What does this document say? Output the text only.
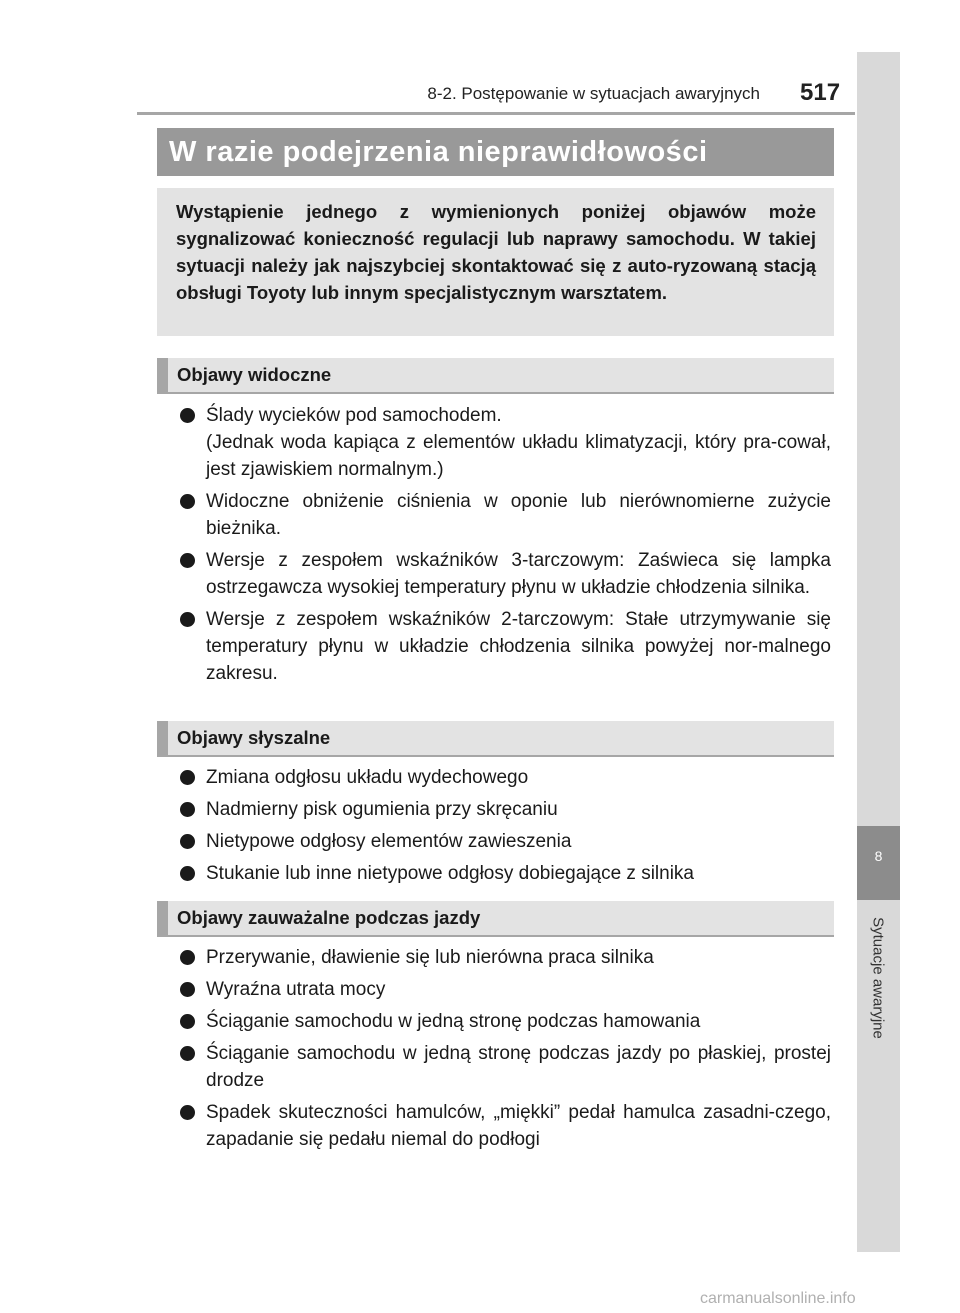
8
Sytuacje awaryjne
8-2. Postępowanie w sytuacjach awaryjnych 517
W razie podejrzenia nieprawidłowości
Wystąpienie jednego z wymienionych poniżej objawów może sygnalizować konieczność regulacji lub naprawy samochodu. W takiej sytuacji należy jak najszybciej skontaktować się z auto-ryzowaną stacją obsługi Toyoty lub innym specjalistycznym warsztatem.
Objawy widoczne
Ślady wycieków pod samochodem.
(Jednak woda kapiąca z elementów układu klimatyzacji, który pra-cował, jest zjawiskiem normalnym.)
Widoczne obniżenie ciśnienia w oponie lub nierównomierne zużycie bieżnika.
Wersje z zespołem wskaźników 3-tarczowym: Zaświeca się lampka ostrzegawcza wysokiej temperatury płynu w układzie chłodzenia silnika.
Wersje z zespołem wskaźników 2-tarczowym: Stałe utrzymywanie się temperatury płynu w układzie chłodzenia silnika powyżej nor-malnego zakresu.
Objawy słyszalne
Zmiana odgłosu układu wydechowego
Nadmierny pisk ogumienia przy skręcaniu
Nietypowe odgłosy elementów zawieszenia
Stukanie lub inne nietypowe odgłosy dobiegające z silnika
Objawy zauważalne podczas jazdy
Przerywanie, dławienie się lub nierówna praca silnika
Wyraźna utrata mocy
Ściąganie samochodu w jedną stronę podczas hamowania
Ściąganie samochodu w jedną stronę podczas jazdy po płaskiej, prostej drodze
Spadek skuteczności hamulców, „miękki” pedał hamulca zasadni-czego, zapadanie się pedału niemal do podłogi
carmanualsonline.info
